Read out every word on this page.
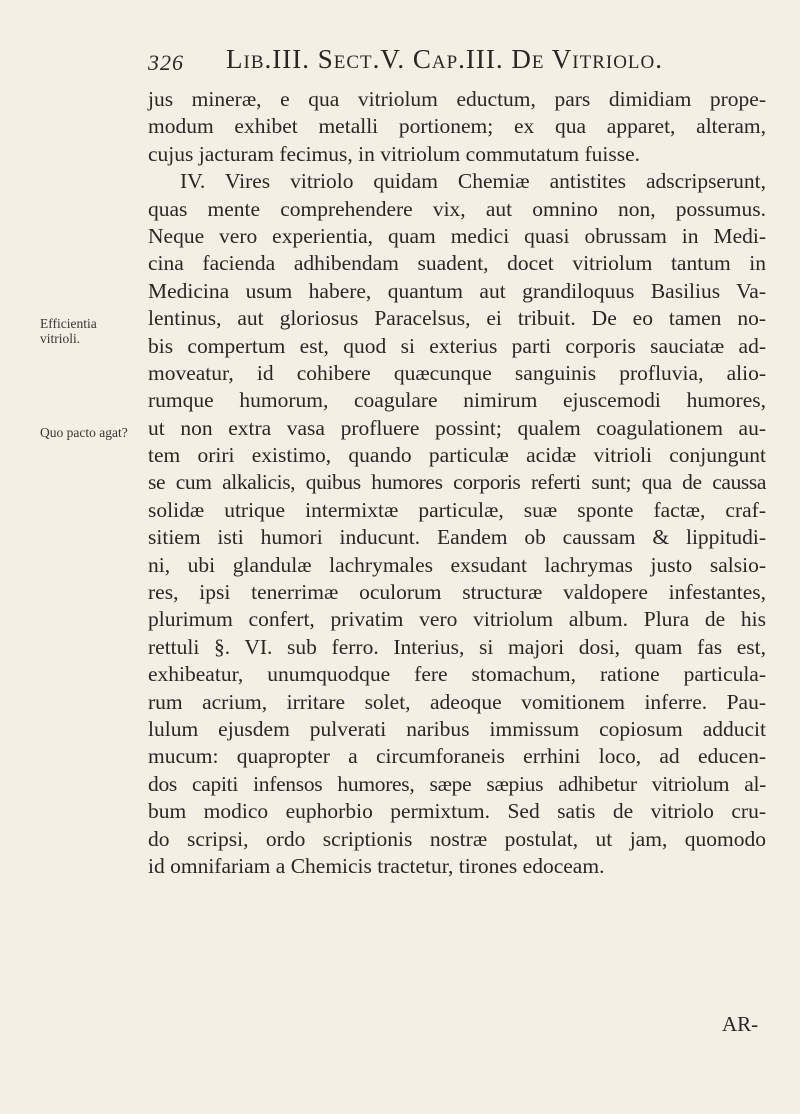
326 Lib.III. Sect.V. Cap.III. De Vitriolo.
Efficientia vitrioli.
Quo pacto agat?
jus mineræ, e qua vitriolum eductum, pars dimidiam prope-
modum exhibet metalli portionem; ex qua apparet, alteram,
cujus jacturam fecimus, in vitriolum commutatum fuisse.
IV. Vires vitriolo quidam Chemiæ antistites adscripserunt,
quas mente comprehendere vix, aut omnino non, possumus.
Neque vero experientia, quam medici quasi obrussam in Medi-
cina facienda adhibendam suadent, docet vitriolum tantum in
Medicina usum habere, quantum aut grandiloquus Basilius Va-
lentinus, aut gloriosus Paracelsus, ei tribuit. De eo tamen no-
bis compertum est, quod si exterius parti corporis sauciatæ ad-
moveatur, id cohibere quæcunque sanguinis profluvia, alio-
rumque humorum, coagulare nimirum ejuscemodi humores,
ut non extra vasa profluere possint; qualem coagulationem au-
tem oriri existimo, quando particulæ acidæ vitrioli conjungunt
se cum alkalicis, quibus humores corporis referti sunt; qua de caussa
solidæ utrique intermixtæ particulæ, suæ sponte factæ, craf-
sitiem isti humori inducunt. Eandem ob caussam & lippitudi-
ni, ubi glandulæ lachrymales exsudant lachrymas justo salsio-
res, ipsi tenerrimæ oculorum structuræ valdopere infestantes,
plurimum confert, privatim vero vitriolum album. Plura de his
rettuli §. VI. sub ferro. Interius, si majori dosi, quam fas est,
exhibeatur, unumquodque fere stomachum, ratione particula-
rum acrium, irritare solet, adeoque vomitionem inferre. Pau-
lulum ejusdem pulverati naribus immissum copiosum adducit
mucum: quapropter a circumforaneis errhini loco, ad educen-
dos capiti infensos humores, sæpe sæpius adhibetur vitriolum al-
bum modico euphorbio permixtum. Sed satis de vitriolo cru-
do scripsi, ordo scriptionis nostræ postulat, ut jam, quomodo
id omnifariam a Chemicis tractetur, tirones edoceam.
AR-
